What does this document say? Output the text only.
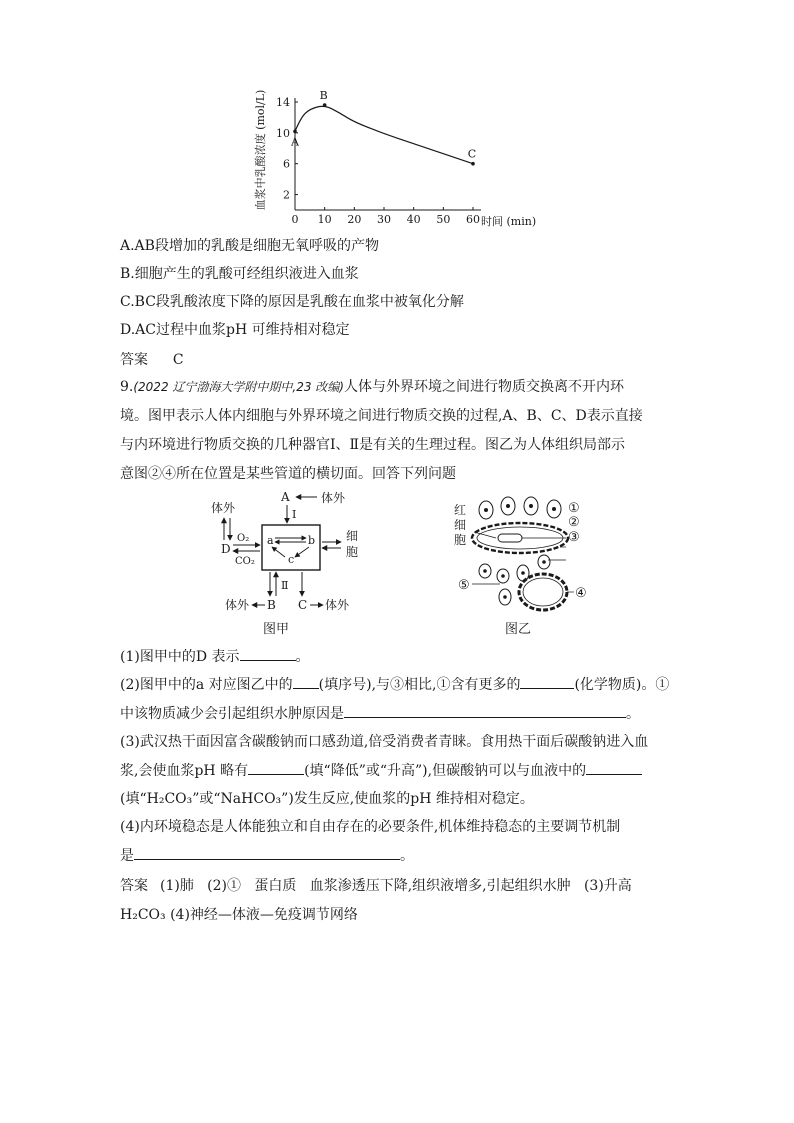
0 10 20 30 40 50 60
2
6
10
14
A
B
C
血浆中乳酸浓度 (mol/L)
时间 (min)
A.AB段增加的乳酸是细胞无氧呼吸的产物
B.细胞产生的乳酸可经组织液进入血浆
C.BC段乳酸浓度下降的原因是乳酸在血浆中被氧化分解
D.AC过程中血浆pH 可维持相对稳定
答案 C
9.(2022 辽宁渤海大学附中期中,23 改编)人体与外界环境之间进行物质交换离不开内环
境。图甲表示人体内细胞与外界环境之间进行物质交换的过程,A、B、C、D表示直接
与内环境进行物质交换的几种器官Ⅰ、Ⅱ是有关的生理过程。图乙为人体组织局部示
意图②④所在位置是某些管道的横切面。回答下列问题
A	体外
Ⅰ
体外
D
O₂
CO₂
a	b
c
细 胞
Ⅱ
体外 B C 体外
图甲
红 细 胞
①
②
③
⑤
④
图乙
(1)图甲中的D 表示	。
(2)图甲中的a 对应图乙中的 (填序号),与③相比,①含有更多的	(化学物质)。①
中该物质减少会引起组织水肿原因是	。
(3)武汉热干面因富含碳酸钠而口感劲道,倍受消费者青睐。食用热干面后碳酸钠进入血
浆,会使血浆pH 略有	(填“降低”或“升高”),但碳酸钠可以与血液中的
(填“H₂CO₃”或“NaHCO₃”)发生反应,使血浆的pH 维持相对稳定。
(4)内环境稳态是人体能独立和自由存在的必要条件,机体维持稳态的主要调节机制
是	。
答案 (1)肺   (2)①   蛋白质   血浆渗透压下降,组织液增多,引起组织水肿   (3)升高
H₂CO₃ (4)神经—体液—免疫调节网络
